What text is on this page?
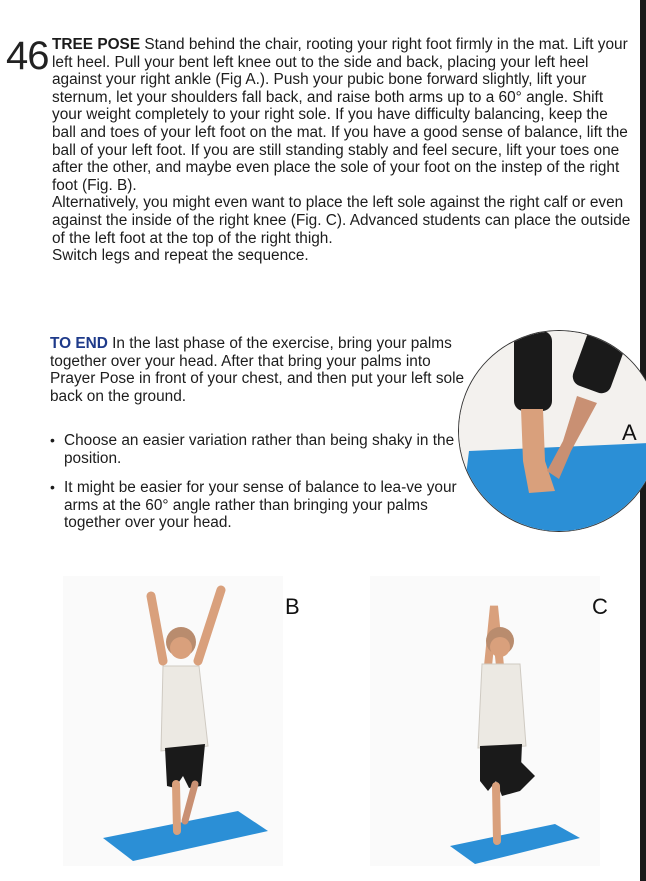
46 TREE POSE Stand behind the chair, rooting your right foot firmly in the mat. Lift your left heel. Pull your bent left knee out to the side and back, placing your left heel against your right ankle (Fig A.). Push your pubic bone forward slightly, lift your sternum, let your shoulders fall back, and raise both arms up to a 60° angle. Shift your weight completely to your right sole. If you have difficulty balancing, keep the ball and toes of your left foot on the mat. If you have a good sense of balance, lift the ball of your left foot. If you are still standing stably and feel secure, lift your toes one after the other, and maybe even place the sole of your foot on the instep of the right foot (Fig. B).

Alternatively, you might even want to place the left sole against the right calf or even against the inside of the right knee (Fig. C). Advanced students can place the outside of the left foot at the top of the right thigh.

Switch legs and repeat the sequence.

TO END In the last phase of the exercise, bring your palms together over your head. After that bring your palms into Prayer Pose in front of your chest, and then put your left sole back on the ground.
• Choose an easier variation rather than being shaky in the position.
• It might be easier for your sense of balance to lea-ve your arms at the 60° angle rather than bringing your palms together over your head.
A
B	C
